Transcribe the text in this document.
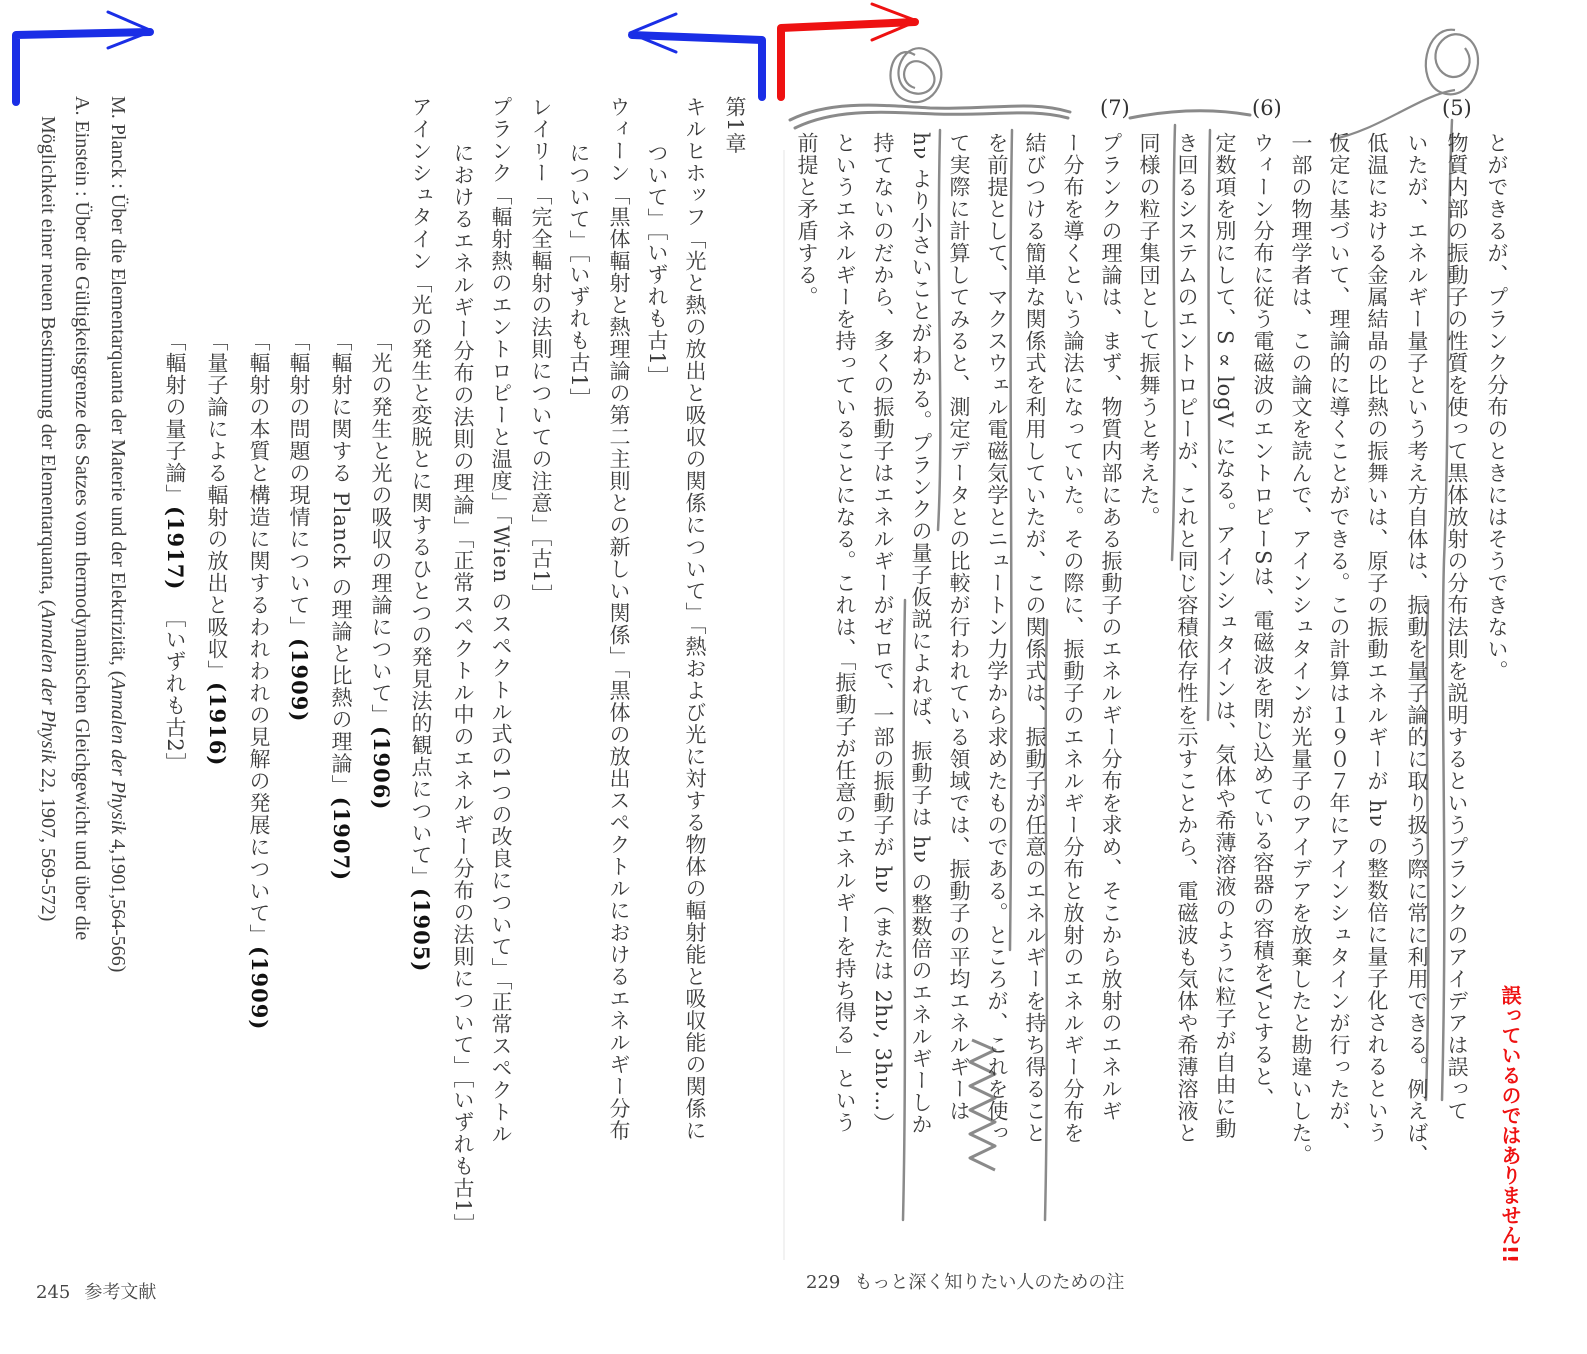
第1章
キルヒホッフ「光と熱の放出と吸収の関係について」「熱および光に対する物体の輻射能と吸収能の関係に
ついて」［いずれも古1］
ウィーン「黒体輻射と熱理論の第二主則との新しい関係」「黒体の放出スペクトルにおけるエネルギー分布
について」［いずれも古1］
レイリー「完全輻射の法則についての注意」［古1］
プランク「輻射熱のエントロピーと温度」「Wien のスペクトル式の1つの改良について」「正常スペクトル
におけるエネルギー分布の法則の理論」「正常スペクトル中のエネルギー分布の法則について」［いずれも古1］
アインシュタイン「光の発生と変脱とに関するひとつの発見法的観点について」(1905)
「光の発生と光の吸収の理論について」(1906)
「輻射に関する Planck の理論と比熱の理論」(1907)
「輻射の問題の現情について」(1909)
「輻射の本質と構造に関するわれわれの見解の発展について」(1909)
「量子論による輻射の放出と吸収」(1916)
「輻射の量子論」(1917)［いずれも古2］
M. Planck : Über die Elementarquanta der Materie und der Elektrizität, (Annalen der Physik 4,1901,564-566)
A. Einstein : Über die Gültigkeitsgrenze des Satzes vom thermodynamischen Gleichgewicht und über die
Möglichkeit einer neuen Bestimmung der Elementarquanta, (Annalen der Physik 22, 1907, 569-572)
245 参考文献
とができるが、プランク分布のときにはそうできない。
(5)
物質内部の振動子の性質を使って黒体放射の分布法則を説明するというプランクのアイデアは誤って
いたが、エネルギー量子という考え方自体は、振動を量子論的に取り扱う際に常に利用できる。例えば、
低温における金属結晶の比熱の振舞いは、原子の振動エネルギーが hν の整数倍に量子化されるという
仮定に基づいて、理論的に導くことができる。この計算は１９０７年にアインシュタインが行ったが、
一部の物理学者は、この論文を読んで、アインシュタインが光量子のアイデアを放棄したと勘違いした。
(6)
ウィーン分布に従う電磁波のエントロピーSは、電磁波を閉じ込めている容器の容積をVとすると、
定数項を別にして、S ∝ logV になる。アインシュタインは、気体や希薄溶液のように粒子が自由に動
き回るシステムのエントロピーが、これと同じ容積依存性を示すことから、電磁波も気体や希薄溶液と
同様の粒子集団として振舞うと考えた。
(7)
プランクの理論は、まず、物質内部にある振動子のエネルギー分布を求め、そこから放射のエネルギ
ー分布を導くという論法になっていた。その際に、振動子のエネルギー分布と放射のエネルギー分布を
結びつける簡単な関係式を利用していたが、この関係式は、振動子が任意のエネルギーを持ち得ること
を前提として、マクスウェル電磁気学とニュートン力学から求めたものである。ところが、これを使っ
て実際に計算してみると、測定データとの比較が行われている領域では、振動子の平均エネルギーは
hν より小さいことがわかる。プランクの量子仮説によれば、振動子は hν の整数倍のエネルギーしか
持てないのだから、多くの振動子はエネルギーがゼロで、一部の振動子が hν（または 2hν, 3hν…）
というエネルギーを持っていることになる。これは、「振動子が任意のエネルギーを持ち得る」という
前提と矛盾する。
229 もっと深く知りたい人のための注
誤っているのではありません!!
